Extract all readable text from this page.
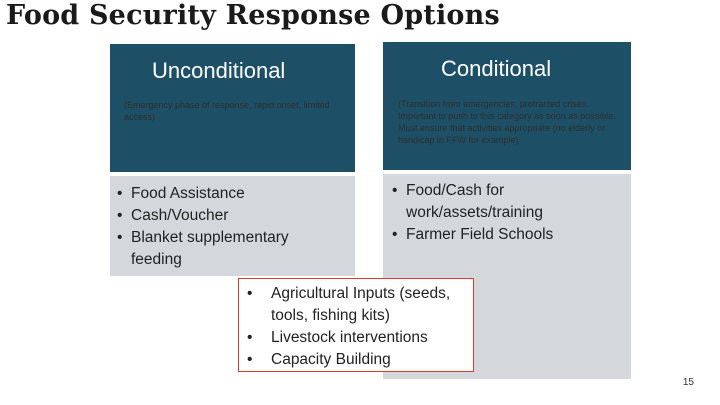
Food Security Response Options
Unconditional
(Emergency phase of response, rapid onset, limited access)
• Food Assistance
• Cash/Voucher
• Blanket supplementary feeding
Conditional
(Transition from emergencies, protracted crises. Important to push to this category as soon as possible. Must ensure that activities appropriate (no elderly or handicap in FFW for example)
• Food/Cash for work/assets/training
• Farmer Field Schools
• Agricultural Inputs (seeds, tools, fishing kits)
• Livestock interventions
• Capacity Building
15
